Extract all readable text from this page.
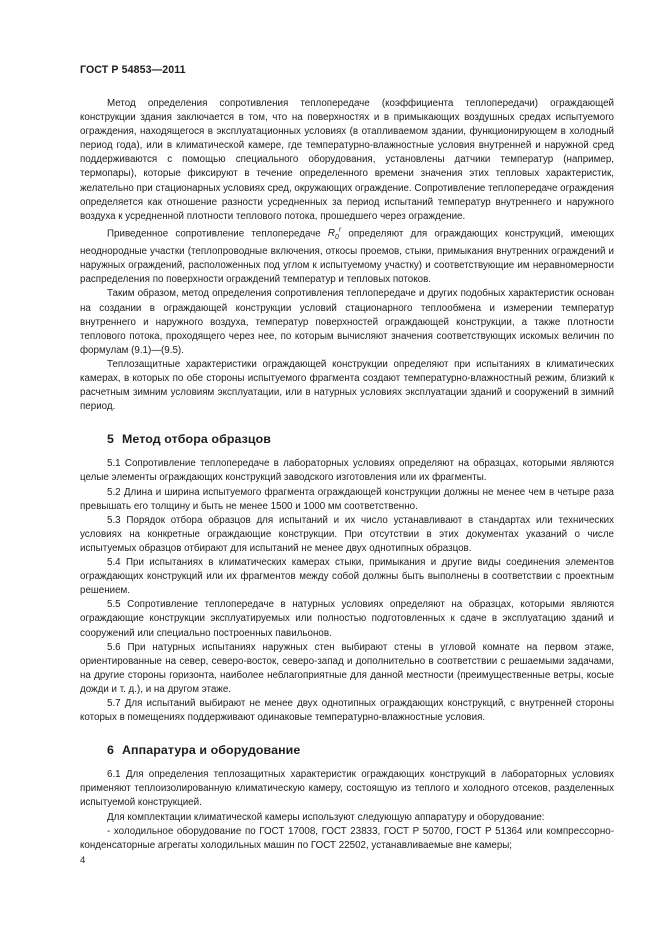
ГОСТ Р 54853—2011

Метод определения сопротивления теплопередаче (коэффициента теплопередачи) ограждающей конструкции здания заключается в том, что на поверхностях и в примыкающих воздушных средах испытуемого ограждения, находящегося в эксплуатационных условиях (в отапливаемом здании, функционирующем в холодный период года), или в климатической камере, где температурно-влажностные условия внутренней и наружной сред поддерживаются с помощью специального оборудования, установлены датчики температур (например, термопары), которые фиксируют в течение определенного времени значения этих тепловых характеристик, желательно при стационарных условиях сред, окружающих ограждение. Сопротивление теплопередаче ограждения определяется как отношение разности усредненных за период испытаний температур внутреннего и наружного воздуха к усредненной плотности теплового потока, прошедшего через ограждение.

Приведенное сопротивление теплопередаче $R_0^r$ определяют для ограждающих конструкций, имеющих неоднородные участки (теплопроводные включения, откосы проемов, стыки, примыкания внутренних ограждений и наружных ограждений, расположенных под углом к испытуемому участку) и соответствующие им неравномерности распределения по поверхности ограждений температур и тепловых потоков.

Таким образом, метод определения сопротивления теплопередаче и других подобных характеристик основан на создании в ограждающей конструкции условий стационарного теплообмена и измерении температур внутреннего и наружного воздуха, температур поверхностей ограждающей конструкции, а также плотности теплового потока, проходящего через нее, по которым вычисляют значения соответствующих искомых величин по формулам (9.1)—(9.5).

Теплозащитные характеристики ограждающей конструкции определяют при испытаниях в климатических камерах, в которых по обе стороны испытуемого фрагмента создают температурно-влажностный режим, близкий к расчетным зимним условиям эксплуатации, или в натурных условиях эксплуатации зданий и сооружений в зимний период.

5 Метод отбора образцов

5.1 Сопротивление теплопередаче в лабораторных условиях определяют на образцах, которыми являются целые элементы ограждающих конструкций заводского изготовления или их фрагменты.

5.2 Длина и ширина испытуемого фрагмента ограждающей конструкции должны не менее чем в четыре раза превышать его толщину и быть не менее 1500 и 1000 мм соответственно.

5.3 Порядок отбора образцов для испытаний и их число устанавливают в стандартах или технических условиях на конкретные ограждающие конструкции. При отсутствии в этих документах указаний о числе испытуемых образцов отбирают для испытаний не менее двух однотипных образцов.

5.4 При испытаниях в климатических камерах стыки, примыкания и другие виды соединения элементов ограждающих конструкций или их фрагментов между собой должны быть выполнены в соответствии с проектным решением.

5.5 Сопротивление теплопередаче в натурных условиях определяют на образцах, которыми являются ограждающие конструкции эксплуатируемых или полностью подготовленных к сдаче в эксплуатацию зданий и сооружений или специально построенных павильонов.

5.6 При натурных испытаниях наружных стен выбирают стены в угловой комнате на первом этаже, ориентированные на север, северо-восток, северо-запад и дополнительно в соответствии с решаемыми задачами, на другие стороны горизонта, наиболее неблагоприятные для данной местности (преимущественные ветры, косые дожди и т. д.), и на другом этаже.

5.7 Для испытаний выбирают не менее двух однотипных ограждающих конструкций, с внутренней стороны которых в помещениях поддерживают одинаковые температурно-влажностные условия.

6 Аппаратура и оборудование

6.1 Для определения теплозащитных характеристик ограждающих конструкций в лабораторных условиях применяют теплоизолированную климатическую камеру, состоящую из теплого и холодного отсеков, разделенных испытуемой конструкцией.

Для комплектации климатической камеры используют следующую аппаратуру и оборудование:

- холодильное оборудование по ГОСТ 17008, ГОСТ 23833, ГОСТ Р 50700, ГОСТ Р 51364 или компрессорно-конденсаторные агрегаты холодильных машин по ГОСТ 22502, устанавливаемые вне камеры;

4
